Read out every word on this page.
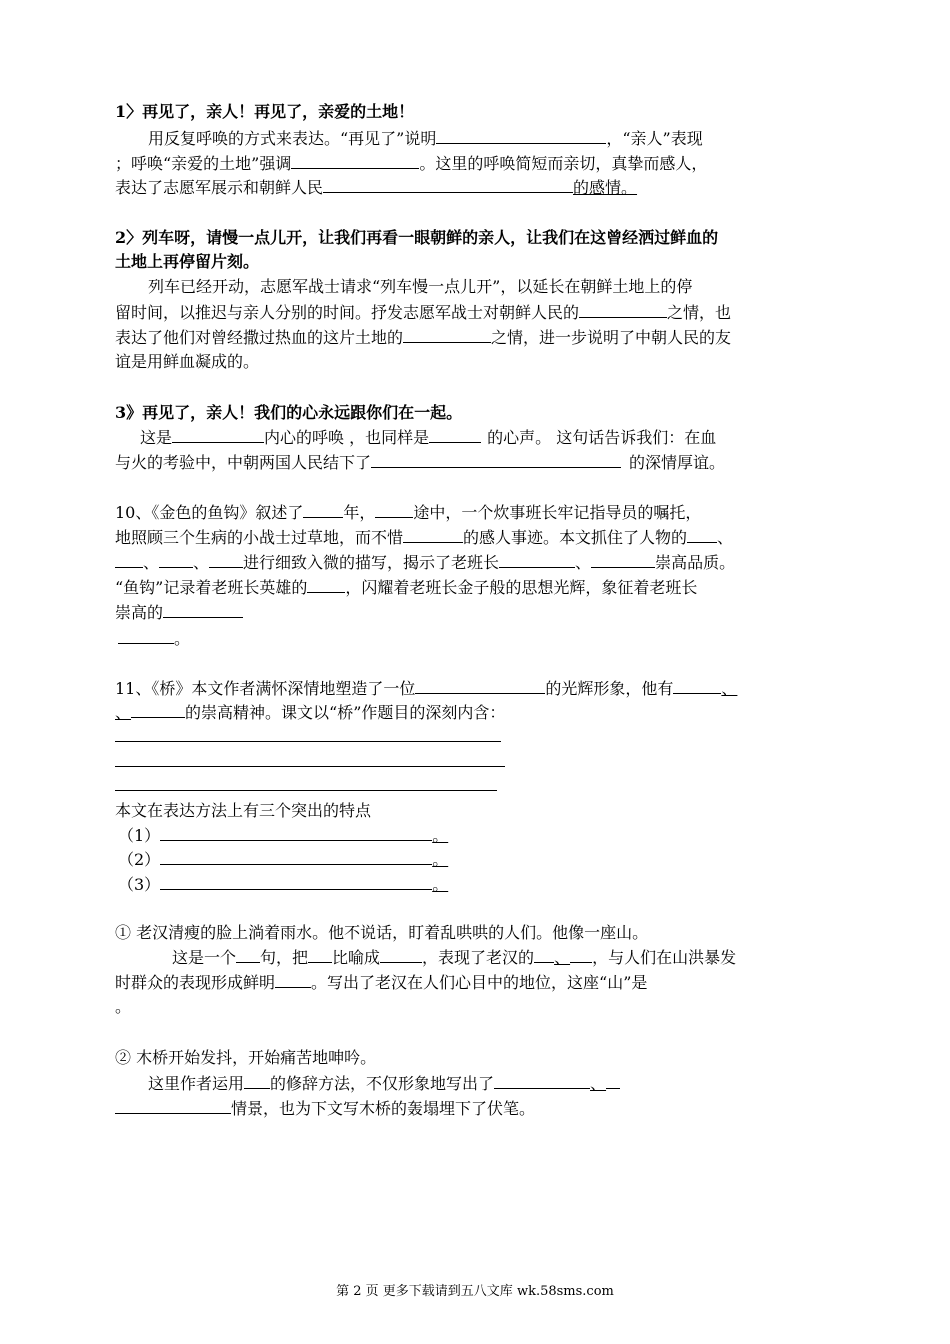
1〉再见了，亲人！再见了，亲爱的土地！
用反复呼唤的方式来表达。“再见了”说明	，“亲人”表现
；呼唤“亲爱的土地”强调	。这里的呼唤简短而亲切，真挚而感人，
表达了志愿军展示和朝鲜人民	的感情。
2〉列车呀，请慢一点儿开，让我们再看一眼朝鲜的亲人，让我们在这曾经洒过鲜血的
土地上再停留片刻。
列车已经开动，志愿军战士请求“列车慢一点儿开”，以延长在朝鲜土地上的停
留时间，以推迟与亲人分别的时间。抒发志愿军战士对朝鲜人民的	之情，也
表达了他们对曾经撒过热血的这片土地的	之情，进一步说明了中朝人民的友
谊是用鲜血凝成的。
3》再见了，亲人！我们的心永远跟你们在一起。
这是	内心的呼唤 ，也同样是	的心声。 这句话告诉我们：在血
与火的考验中，中朝两国人民结下了	的深情厚谊。
10、《金色的鱼钩》叙述了	年， 途中，一个炊事班长牢记指导员的嘱托，
地照顾三个生病的小战士过草地，而不惜	的感人事迹。本文抓住了人物的 、
、 、 进行细致入微的描写，揭示了老班长	、	崇高品质。
“鱼钩”记录着老班长英雄的 ，闪耀着老班长金子般的思想光辉，象征着老班长
崇高的
。
11、《桥》本文作者满怀深情地塑造了一位	的光辉形象，他有	、
、	的崇高精神。课文以“桥”作题目的深刻内含：
本文在表达方法上有三个突出的特点
（1）	。
（2）	。
（3）	。
① 老汉清瘦的脸上淌着雨水。他不说话，盯着乱哄哄的人们。他像一座山。
这是一个 句，把 比喻成	，表现了老汉的 、 ，与人们在山洪暴发
时群众的表现形成鲜明 。写出了老汉在人们心目中的地位，这座“山”是
。
② 木桥开始发抖，开始痛苦地呻吟。
这里作者运用 的修辞方法，不仅形象地写出了	、
情景，也为下文写木桥的轰塌埋下了伏笔。
第 2 页 更多下载请到五八文库 wk.58sms.com
